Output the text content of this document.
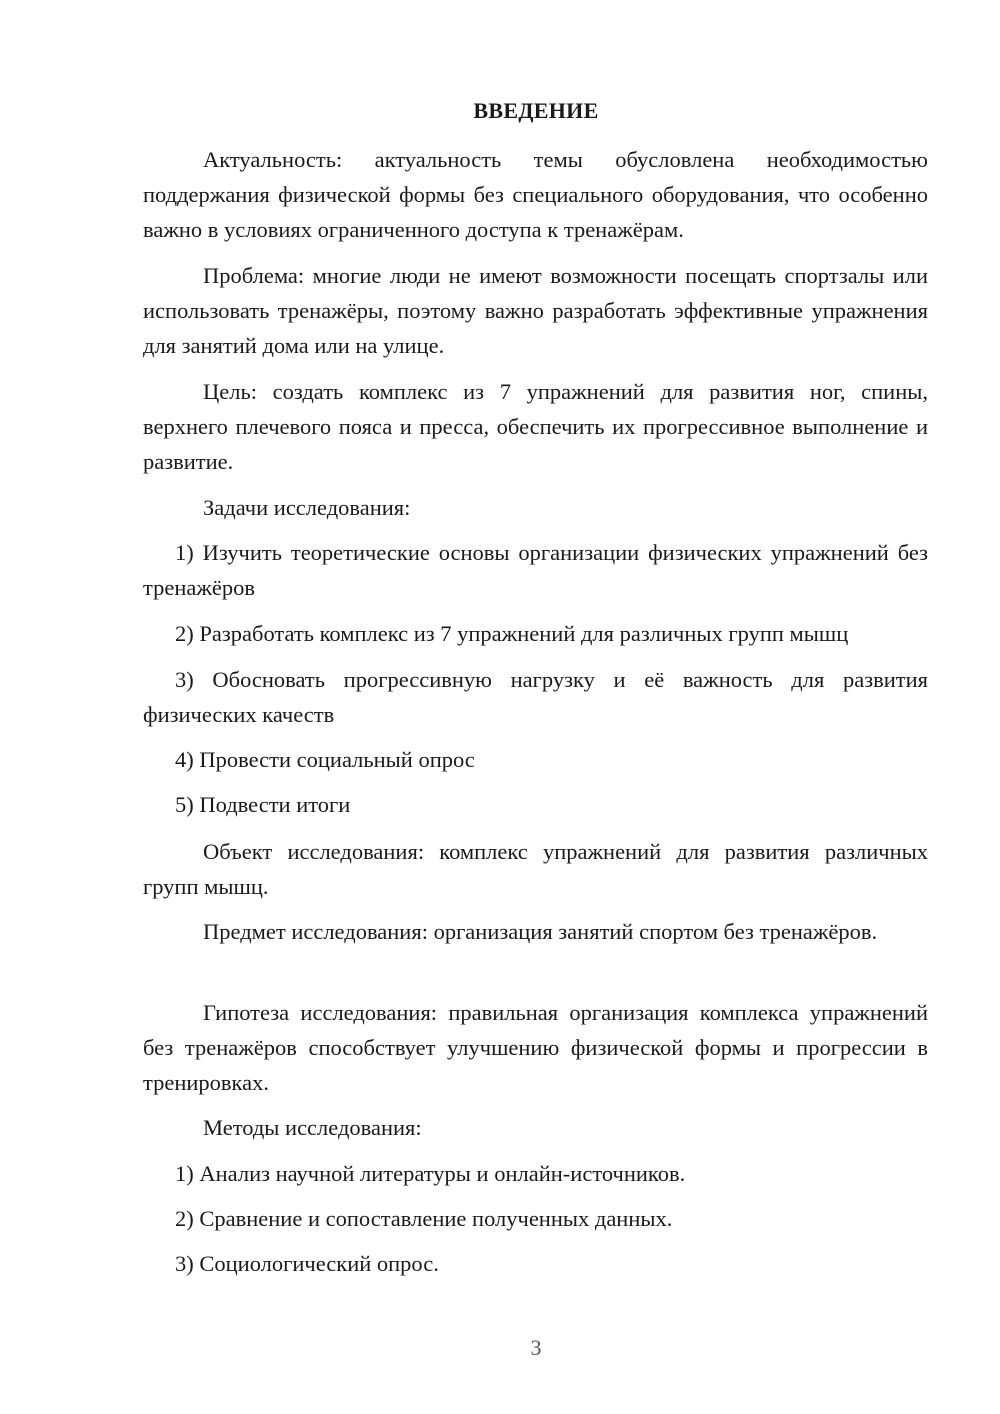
ВВЕДЕНИЕ

Актуальность: актуальность темы обусловлена необходимостью поддержания физической формы без специального оборудования, что особенно важно в условиях ограниченного доступа к тренажёрам.

Проблема: многие люди не имеют возможности посещать спортзалы или использовать тренажёры, поэтому важно разработать эффективные упражнения для занятий дома или на улице.

Цель: создать комплекс из 7 упражнений для развития ног, спины, верхнего плечевого пояса и пресса, обеспечить их прогрессивное выполнение и развитие.

Задачи исследования:

1) Изучить теоретические основы организации физических упражнений без тренажёров

2) Разработать комплекс из 7 упражнений для различных групп мышц

3) Обосновать прогрессивную нагрузку и её важность для развития физических качеств

4) Провести социальный опрос

5) Подвести итоги

Объект исследования: комплекс упражнений для развития различных групп мышц.

Предмет исследования: организация занятий спортом без тренажёров.

Гипотеза исследования: правильная организация комплекса упражнений без тренажёров способствует улучшению физической формы и прогрессии в тренировках.

Методы исследования:

1) Анализ научной литературы и онлайн-источников.

2) Сравнение и сопоставление полученных данных.

3) Социологический опрос.

3
